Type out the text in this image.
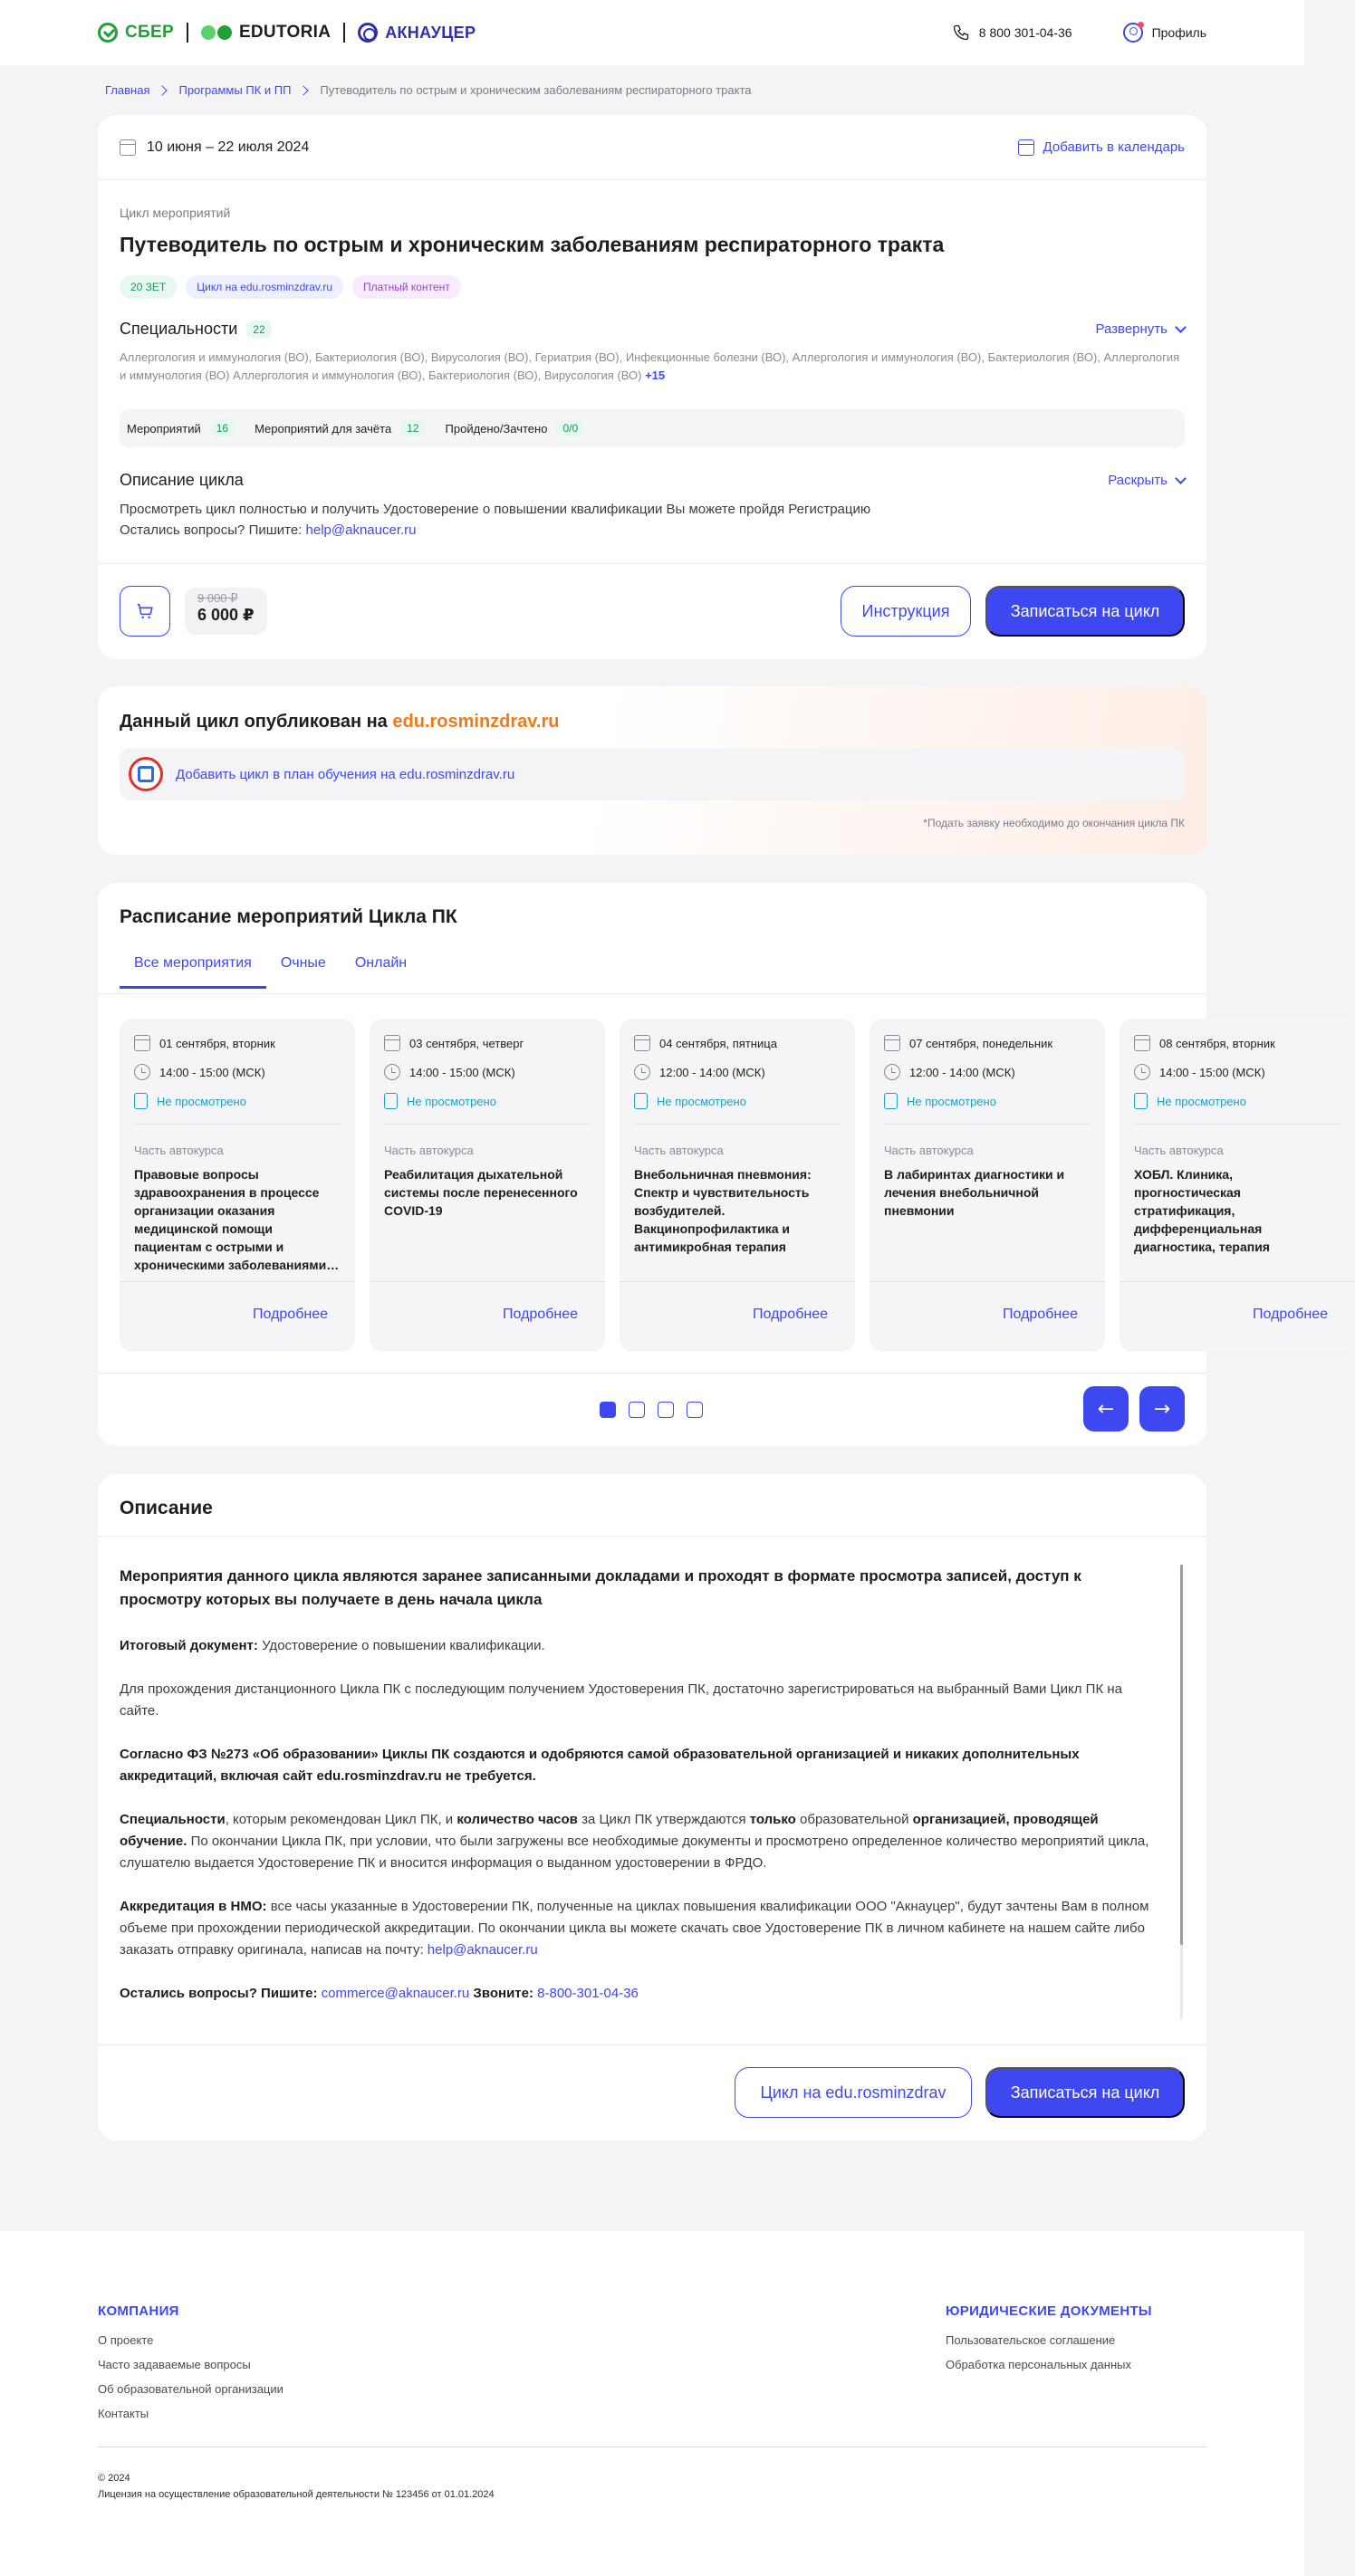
СБЕР	EDUTORIA	АКНАУЦЕР	8 800 301-04-36	Профиль
Главная Программы ПК и ПП Путеводитель по острым и хроническим заболеваниям респираторного тракта
10 июня – 22 июля 2024	Добавить в календарь
Цикл мероприятий
Путеводитель по острым и хроническим заболеваниям респираторного тракта
20 ЗЕТ	Цикл на edu.rosminzdrav.ru	Платный контент
Специальности	22	Развернуть
Аллергология и иммунология (ВО), Бактериология (ВО), Вирусология (ВО), Гериатрия (ВО), Инфекционные болезни (ВО), Аллергология и иммунология (ВО), Бактериология (ВО), Аллергология и иммунология (ВО) Аллергология и иммунология (ВО), Бактериология (ВО), Вирусология (ВО) +15
Мероприятий	16	Мероприятий для зачёта	12	Пройдено/Зачтено	0/0
Описание цикла	Раскрыть
Просмотреть цикл полностью и получить Удостоверение о повышении квалификации Вы можете пройдя Регистрацию
Остались вопросы? Пишите: help@aknaucer.ru
9 000 ₽
6 000 ₽	Инструкция	Записаться на цикл
Данный цикл опубликован на edu.rosminzdrav.ru
Добавить цикл в план обучения на edu.rosminzdrav.ru
*Подать заявку необходимо до окончания цикла ПК
Расписание мероприятий Цикла ПК
Все мероприятия	Очные	Онлайн
01 сентября, вторник
14:00 - 15:00 (МСК)
Не просмотрено
Часть автокурса
Правовые вопросы здравоохранения в процессе организации оказания медицинской помощи пациентам с острыми и хроническими заболеваниями…
Подробнее
03 сентября, четверг
14:00 - 15:00 (МСК)
Не просмотрено
Часть автокурса
Реабилитация дыхательной системы после перенесенного COVID-19
Подробнее
04 сентября, пятница
12:00 - 14:00 (МСК)
Не просмотрено
Часть автокурса
Внебольничная пневмония: Спектр и чувствительность возбудителей. Вакцинопрофилактика и антимикробная терапия
Подробнее
07 сентября, понедельник
12:00 - 14:00 (МСК)
Не просмотрено
Часть автокурса
В лабиринтах диагностики и лечения внебольничной пневмонии
Подробнее
08 сентября, вторник
14:00 - 15:00 (МСК)
Не просмотрено
Часть автокурса
ХОБЛ. Клиника, прогностическая стратификация, дифференциальная диагностика, терапия
Подробнее
← →
Описание

Мероприятия данного цикла являются заранее записанными докладами и проходят в формате просмотра записей, доступ к просмотру которых вы получаете в день начала цикла

Итоговый документ: Удостоверение о повышении квалификации.

Для прохождения дистанционного Цикла ПК с последующим получением Удостоверения ПК, достаточно зарегистрироваться на выбранный Вами Цикл ПК на сайте.

Согласно ФЗ №273 «Об образовании» Циклы ПК создаются и одобряются самой образовательной организацией и никаких дополнительных аккредитаций, включая сайт edu.rosminzdrav.ru не требуется.

Специальности, которым рекомендован Цикл ПК, и количество часов за Цикл ПК утверждаются только образовательной организацией, проводящей обучение. По окончании Цикла ПК, при условии, что были загружены все необходимые документы и просмотрено определенное количество мероприятий цикла, слушателю выдается Удостоверение ПК и вносится информация о выданном удостоверении в ФРДО.

Аккредитация в НМО: все часы указанные в Удостоверении ПК, полученные на циклах повышения квалификации ООО "Акнауцер", будут зачтены Вам в полном объеме при прохождении периодической аккредитации. По окончании цикла вы можете скачать свое Удостоверение ПК в личном кабинете на нашем сайте либо заказать отправку оригинала, написав на почту: help@aknaucer.ru

Остались вопросы? Пишите: commerce@aknaucer.ru Звоните: 8-800-301-04-36

Цикл на edu.rosminzdrav	Записаться на цикл
КОМПАНИЯ
О проекте
Часто задаваемые вопросы
Об образовательной организации
Контакты
ЮРИДИЧЕСКИЕ ДОКУМЕНТЫ
Пользовательское соглашение
Обработка персональных данных
© 2024
Лицензия на осуществление образовательной деятельности № 123456 от 01.01.2024
